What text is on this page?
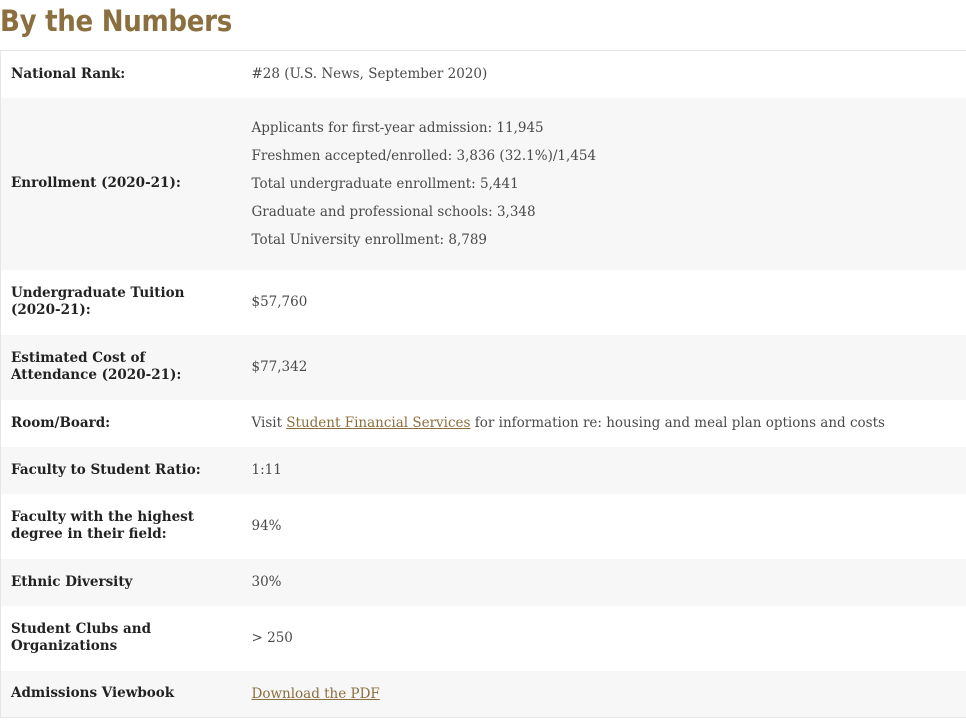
By the Numbers
National Rank:	#28 (U.S. News, September 2020)

Enrollment (2020-21):	Applicants for first-year admission: 11,945
Freshmen accepted/enrolled: 3,836 (32.1%)/1,454
Total undergraduate enrollment: 5,441
Graduate and professional schools: 3,348
Total University enrollment: 8,789

Undergraduate Tuition (2020-21):	$57,760

Estimated Cost of Attendance (2020-21):	$77,342

Room/Board:	Visit Student Financial Services for information re: housing and meal plan options and costs

Faculty to Student Ratio:	1:11

Faculty with the highest degree in their field:	94%

Ethnic Diversity	30%

Student Clubs and Organizations	> 250

Admissions Viewbook	Download the PDF
